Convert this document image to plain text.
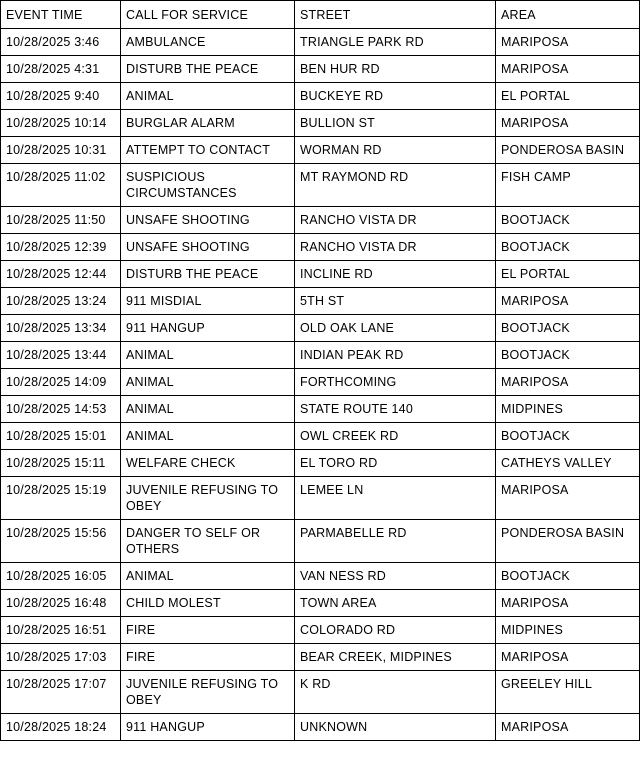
EVENT TIME	CALL FOR SERVICE	STREET	AREA
10/28/2025 3:46	AMBULANCE	TRIANGLE PARK RD	MARIPOSA
10/28/2025 4:31	DISTURB THE PEACE	BEN HUR RD	MARIPOSA
10/28/2025 9:40	ANIMAL	BUCKEYE RD	EL PORTAL
10/28/2025 10:14	BURGLAR ALARM	BULLION ST	MARIPOSA
10/28/2025 10:31	ATTEMPT TO CONTACT	WORMAN RD	PONDEROSA BASIN
10/28/2025 11:02	SUSPICIOUS CIRCUMSTANCES	MT RAYMOND RD	FISH CAMP
10/28/2025 11:50	UNSAFE SHOOTING	RANCHO VISTA DR	BOOTJACK
10/28/2025 12:39	UNSAFE SHOOTING	RANCHO VISTA DR	BOOTJACK
10/28/2025 12:44	DISTURB THE PEACE	INCLINE RD	EL PORTAL
10/28/2025 13:24	911 MISDIAL	5TH ST	MARIPOSA
10/28/2025 13:34	911 HANGUP	OLD OAK LANE	BOOTJACK
10/28/2025 13:44	ANIMAL	INDIAN PEAK RD	BOOTJACK
10/28/2025 14:09	ANIMAL	FORTHCOMING	MARIPOSA
10/28/2025 14:53	ANIMAL	STATE ROUTE 140	MIDPINES
10/28/2025 15:01	ANIMAL	OWL CREEK RD	BOOTJACK
10/28/2025 15:11	WELFARE CHECK	EL TORO RD	CATHEYS VALLEY
10/28/2025 15:19	JUVENILE REFUSING TO OBEY	LEMEE LN	MARIPOSA
10/28/2025 15:56	DANGER TO SELF OR OTHERS	PARMABELLE RD	PONDEROSA BASIN
10/28/2025 16:05	ANIMAL	VAN NESS RD	BOOTJACK
10/28/2025 16:48	CHILD MOLEST	TOWN AREA	MARIPOSA
10/28/2025 16:51	FIRE	COLORADO RD	MIDPINES
10/28/2025 17:03	FIRE	BEAR CREEK, MIDPINES	MARIPOSA
10/28/2025 17:07	JUVENILE REFUSING TO OBEY	K RD	GREELEY HILL
10/28/2025 18:24	911 HANGUP	UNKNOWN	MARIPOSA
